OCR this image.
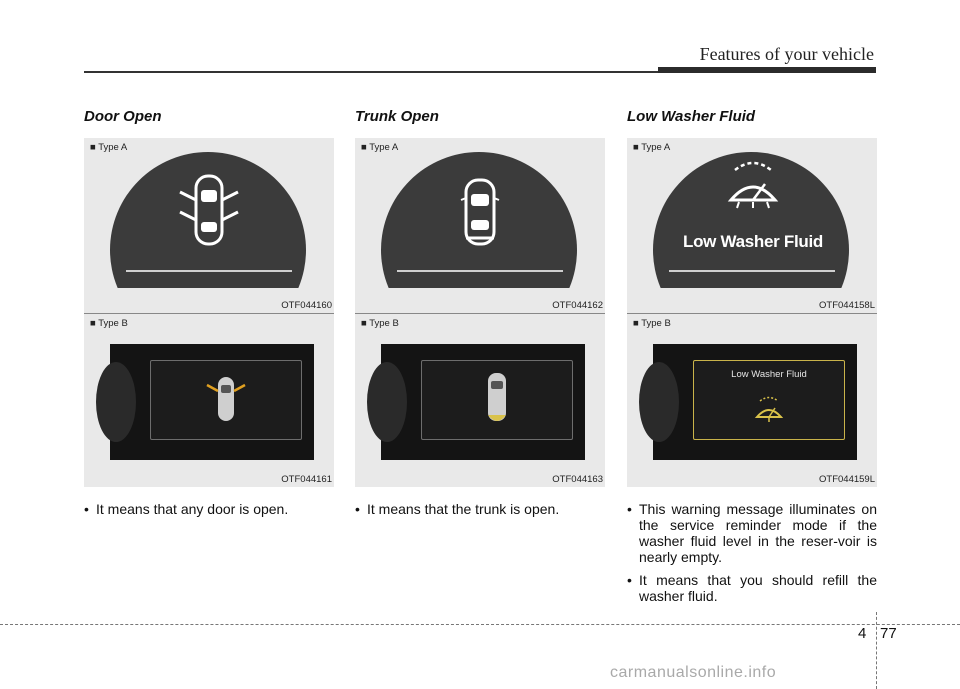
Features of your vehicle
Door Open
■ Type A
OTF044160
■ Type B
OTF044161
• It means that any door is open.
Trunk Open
■ Type A
OTF044162
■ Type B
OTF044163
• It means that the trunk is open.
Low Washer Fluid
Low Washer Fluid
■ Type A
OTF044158L
■ Type B
Low Washer Fluid
OTF044159L
• This warning message illuminates on the service reminder mode if the washer fluid level in the reser-voir is nearly empty.
• It means that you should refill the washer fluid.
4 77
carmanualsonline.info
